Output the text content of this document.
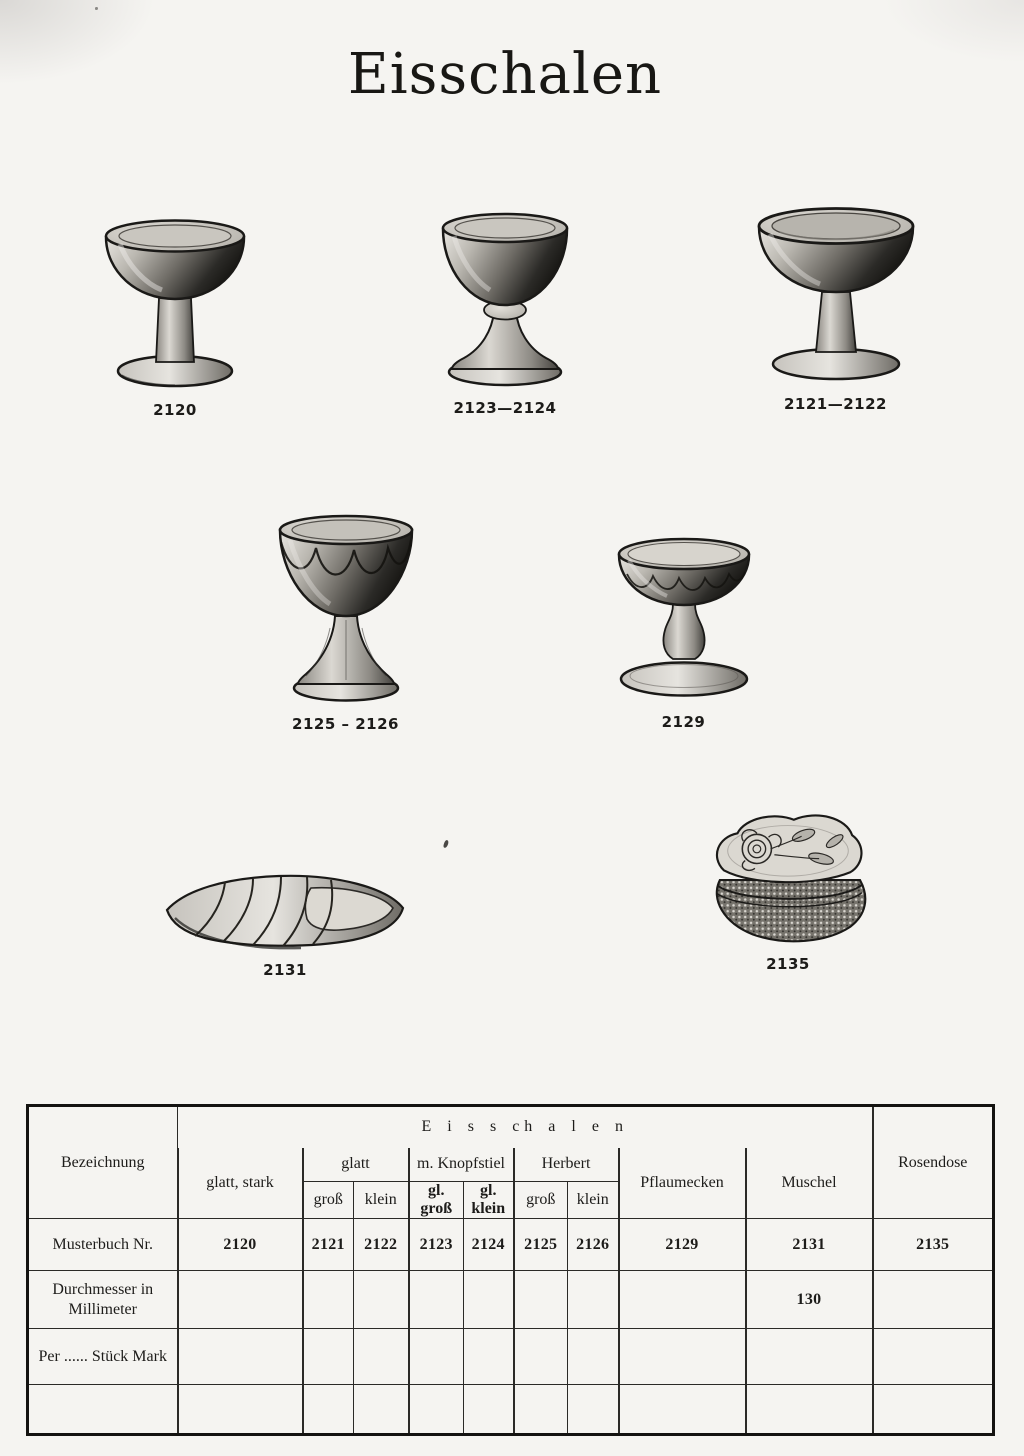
Eisschalen
2120	2123—2124	2121—2122
2125 – 2126	2129
2131	2135
Bezeichnung	E i s s ch a l e n									Rosendose
	glatt, stark	glatt		m. Knopfstiel		Herbert		Pflaumecken	Muschel	
		groß	klein	gl. groß	gl. klein	groß	klein			
Musterbuch Nr.	2120	2121	2122	2123	2124	2125	2126	2129	2131	2135
Durchmesser in Millimeter									130	
Per ...... Stück Mark										
